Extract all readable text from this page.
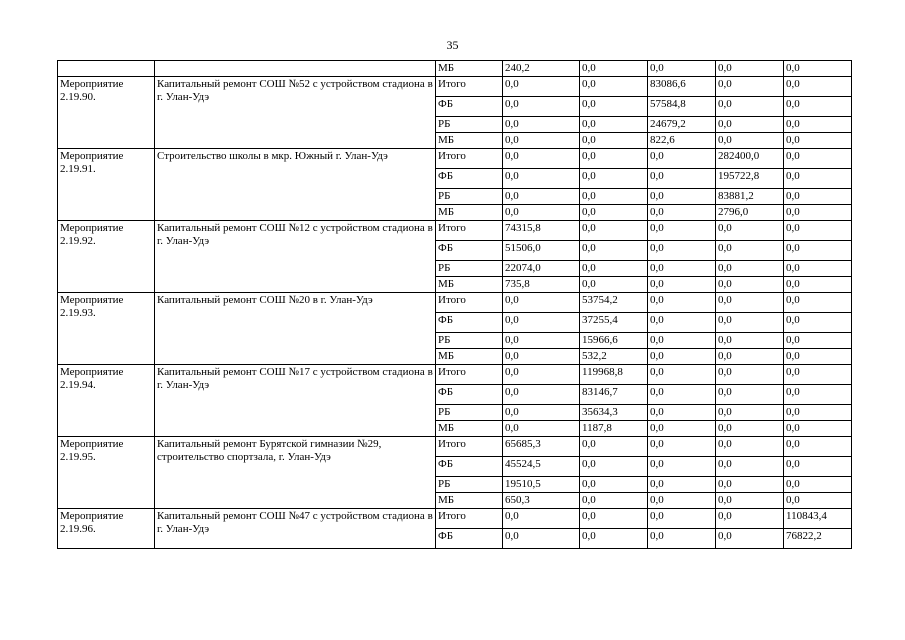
35
		МБ	240,2	0,0	0,0	0,0	0,0
Мероприятие 2.19.90.	Капитальный ремонт СОШ №52 с устройством стадиона в г. Улан-Удэ	Итого	0,0	0,0	83086,6	0,0	0,0
		ФБ	0,0	0,0	57584,8	0,0	0,0
		РБ	0,0	0,0	24679,2	0,0	0,0
		МБ	0,0	0,0	822,6	0,0	0,0
Мероприятие 2.19.91.	Строительство школы в мкр. Южный г. Улан-Удэ	Итого	0,0	0,0	0,0	282400,0	0,0
		ФБ	0,0	0,0	0,0	195722,8	0,0
		РБ	0,0	0,0	0,0	83881,2	0,0
		МБ	0,0	0,0	0,0	2796,0	0,0
Мероприятие 2.19.92.	Капитальный ремонт СОШ №12 с устройством стадиона в г. Улан-Удэ	Итого	74315,8	0,0	0,0	0,0	0,0
		ФБ	51506,0	0,0	0,0	0,0	0,0
		РБ	22074,0	0,0	0,0	0,0	0,0
		МБ	735,8	0,0	0,0	0,0	0,0
Мероприятие 2.19.93.	Капитальный ремонт СОШ №20 в г. Улан-Удэ	Итого	0,0	53754,2	0,0	0,0	0,0
		ФБ	0,0	37255,4	0,0	0,0	0,0
		РБ	0,0	15966,6	0,0	0,0	0,0
		МБ	0,0	532,2	0,0	0,0	0,0
Мероприятие 2.19.94.	Капитальный ремонт СОШ №17 с устройством стадиона в г. Улан-Удэ	Итого	0,0	119968,8	0,0	0,0	0,0
		ФБ	0,0	83146,7	0,0	0,0	0,0
		РБ	0,0	35634,3	0,0	0,0	0,0
		МБ	0,0	1187,8	0,0	0,0	0,0
Мероприятие 2.19.95.	Капитальный ремонт Бурятской гимназии №29, строительство спортзала, г. Улан-Удэ	Итого	65685,3	0,0	0,0	0,0	0,0
		ФБ	45524,5	0,0	0,0	0,0	0,0
		РБ	19510,5	0,0	0,0	0,0	0,0
		МБ	650,3	0,0	0,0	0,0	0,0
Мероприятие 2.19.96.	Капитальный ремонт СОШ №47 с устройством стадиона в г. Улан-Удэ	Итого	0,0	0,0	0,0	0,0	110843,4
		ФБ	0,0	0,0	0,0	0,0	76822,2
